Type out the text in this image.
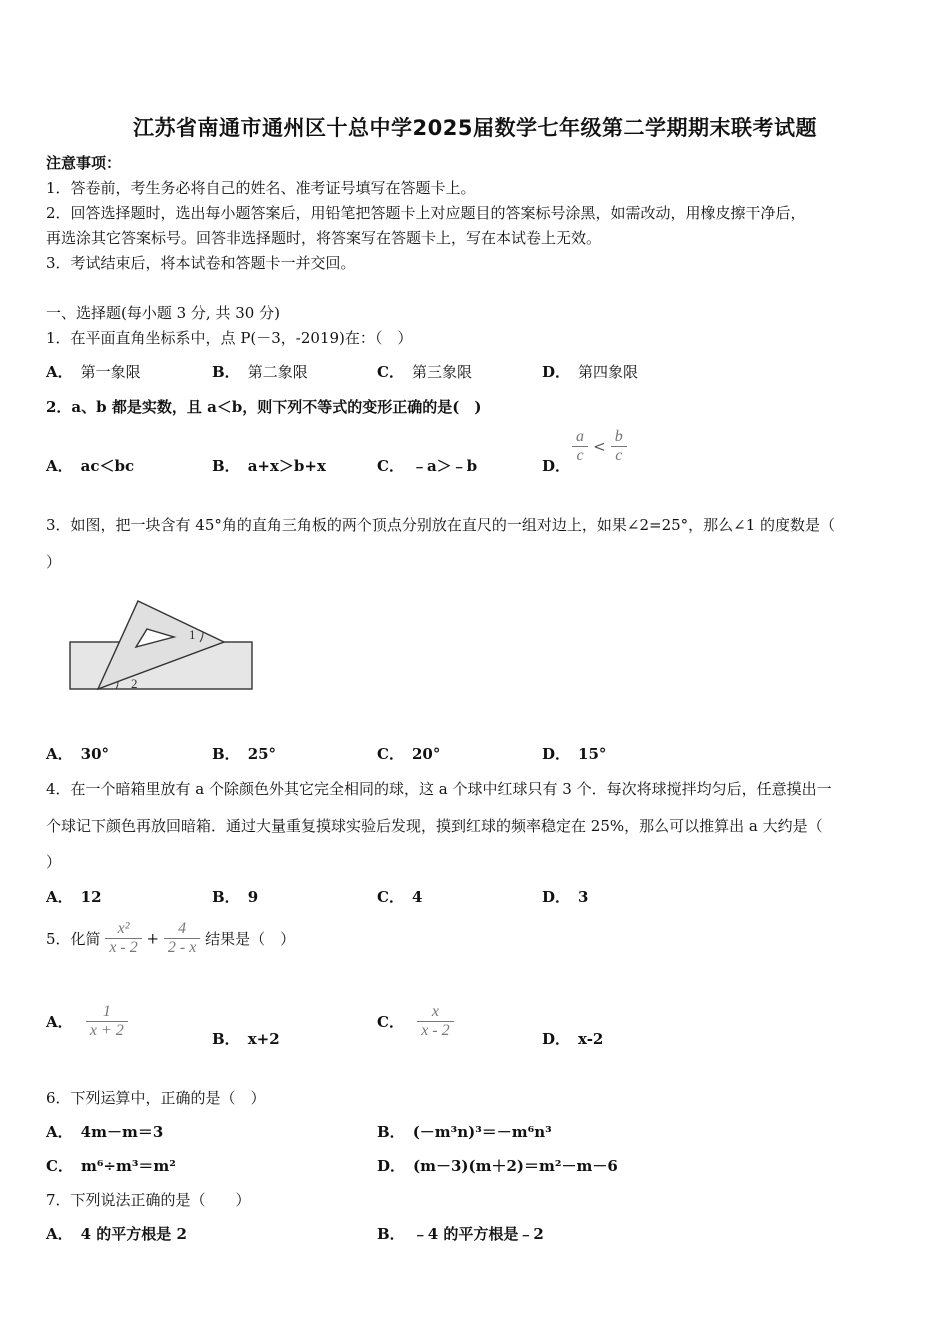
江苏省南通市通州区十总中学2025届数学七年级第二学期期末联考试题
注意事项：
1．答卷前，考生务必将自己的姓名、准考证号填写在答题卡上。
2．回答选择题时，选出每小题答案后，用铅笔把答题卡上对应题目的答案标号涂黑，如需改动，用橡皮擦干净后，
再选涂其它答案标号。回答非选择题时，将答案写在答题卡上，写在本试卷上无效。
3．考试结束后，将本试卷和答题卡一并交回。
一、选择题(每小题 3 分, 共 30 分)
1．在平面直角坐标系中，点 P(－3，-2019)在：（　）
A． 第一象限	B． 第二象限	C． 第三象限	D． 第四象限
2．a、b 都是实数，且 a＜b，则下列不等式的变形正确的是(　)
A． ac＜bc	B． a+x＞b+x	C． ﹣a＞﹣b	D．
$\frac{a}{c} < \frac{b}{c}$
3．如图，把一块含有 45°角的直角三角板的两个顶点分别放在直尺的一组对边上，如果∠2=25°，那么∠1 的度数是（
）
1
2
A． 30°	B． 25°	C． 20°	D． 15°
4．在一个暗箱里放有 a 个除颜色外其它完全相同的球，这 a 个球中红球只有 3 个．每次将球搅拌均匀后，任意摸出一
个球记下颜色再放回暗箱．通过大量重复摸球实验后发现，摸到红球的频率稳定在 25%，那么可以推算出 a 大约是（
）
A． 12	B． 9	C． 4	D． 3
5．化简 $\frac{\text{x²}}{x - 2} + \frac{4}{2 - x}$ 结果是（　）
A． $\frac{1}{x + 2}$	B． x+2
C． $\frac{x}{x - 2}$	D． x-2
6．下列运算中，正确的是（　）
A． 4m－m＝3	B． (－m³n)³＝－m⁶n³
C． m⁶÷m³＝m²	D． (m－3)(m＋2)＝m²－m－6
7．下列说法正确的是（　　）
A． 4 的平方根是 2	B． ﹣4 的平方根是﹣2
